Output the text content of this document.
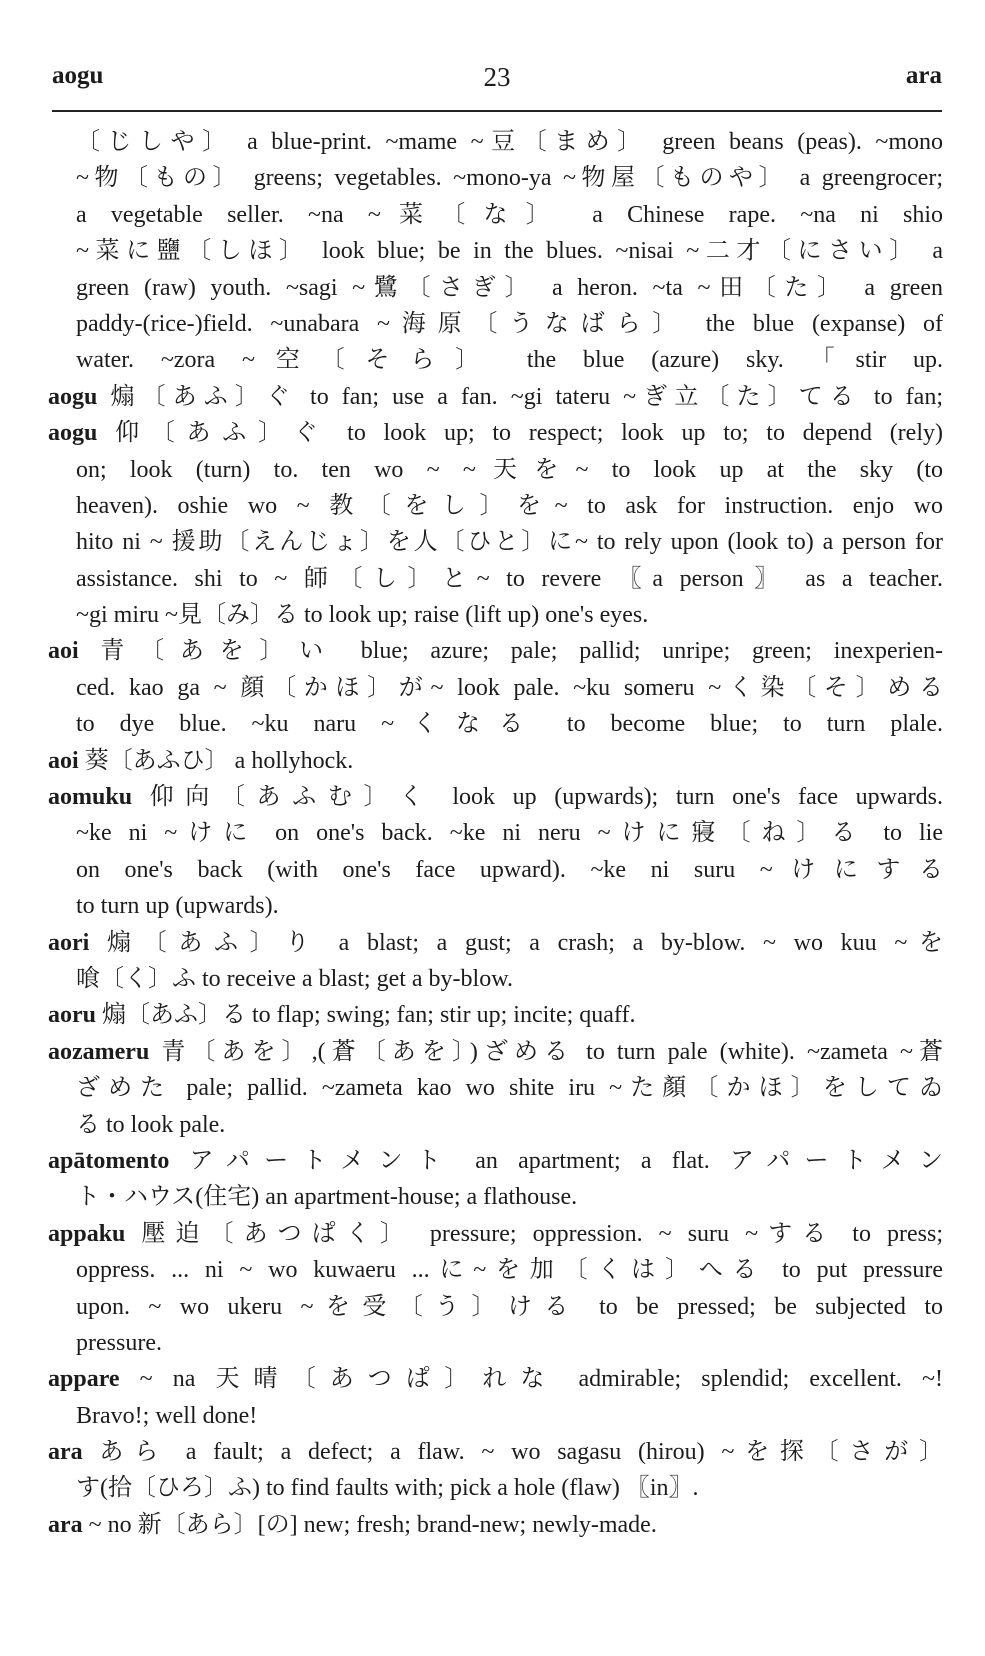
aogu	23	ara
〔じしや〕 a blue-print. ~mame ~豆〔まめ〕 green beans (peas). ~mono
~物〔もの〕 greens; vegetables. ~mono-ya ~物屋〔ものや〕 a greengrocer;
a vegetable seller. ~na ~菜〔な〕 a Chinese rape. ~na ni shio
~菜に鹽〔しほ〕 look blue; be in the blues. ~nisai ~二才〔にさい〕 a
green (raw) youth. ~sagi ~鷺〔さぎ〕 a heron. ~ta ~田〔た〕 a green
paddy-(rice-)field. ~unabara ~海原〔うなばら〕 the blue (expanse) of
water. ~zora ~空〔そら〕 the blue (azure) sky. 「stir up.
aogu 煽〔あふ〕ぐ to fan; use a fan. ~gi tateru ~ぎ立〔た〕てる to fan;
aogu 仰〔あふ〕ぐ to look up; to respect; look up to; to depend (rely)
on; look (turn) to. ten wo ~ ~天を~ to look up at the sky (to
heaven). oshie wo ~ 教〔をし〕を~ to ask for instruction. enjo wo
hito ni ~ 援助〔えんじょ〕を人〔ひと〕に~ to rely upon (look to) a person for
assistance. shi to ~ 師〔し〕と~ to revere 〖a person〗 as a teacher.
~gi miru ~見〔み〕る to look up; raise (lift up) one's eyes.
aoi 青〔あを〕い blue; azure; pale; pallid; unripe; green; inexperien-
ced. kao ga ~ 顔〔かほ〕が~ look pale. ~ku someru ~く染〔そ〕める
to dye blue. ~ku naru ~くなる to become blue; to turn plale.
aoi 葵〔あふひ〕 a hollyhock.
aomuku 仰向〔あふむ〕く look up (upwards); turn one's face upwards.
~ke ni ~けに on one's back. ~ke ni neru ~けに寢〔ね〕る to lie
on one's back (with one's face upward). ~ke ni suru ~けにする
to turn up (upwards).
aori 煽〔あふ〕り a blast; a gust; a crash; a by-blow. ~ wo kuu ~を
喰〔く〕ふ to receive a blast; get a by-blow.
aoru 煽〔あふ〕る to flap; swing; fan; stir up; incite; quaff.
aozameru 青〔あを〕,(蒼〔あを〕)ざめる to turn pale (white). ~zameta ~蒼
ざめた pale; pallid. ~zameta kao wo shite iru ~た顏〔かほ〕をしてゐ
る to look pale.
apātomento アパートメント an apartment; a flat. アパートメン
ト・ハウス(住宅) an apartment-house; a flathouse.
appaku 壓迫〔あつぱく〕 pressure; oppression. ~ suru ~する to press;
oppress. ... ni ~ wo kuwaeru ...に~を加〔くは〕へる to put pressure
upon. ~ wo ukeru ~を受〔う〕ける to be pressed; be subjected to
pressure.
appare ~ na 天晴〔あつぱ〕れな admirable; splendid; excellent. ~!
Bravo!; well done!
ara あら a fault; a defect; a flaw. ~ wo sagasu (hirou) ~を探〔さが〕
す(拾〔ひろ〕ふ) to find faults with; pick a hole (flaw) 〖in〗.
ara ~ no 新〔あら〕[の] new; fresh; brand-new; newly-made.
